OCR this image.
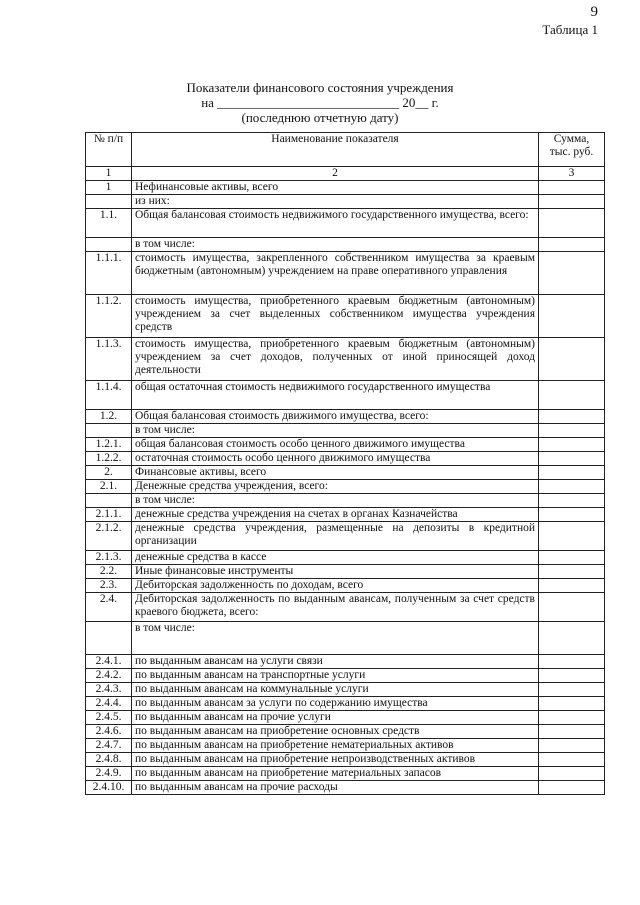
9
Таблица 1
Показатели финансового состояния учреждения
на ____________________________ 20__ г.
(последнюю отчетную дату)
№ п/п	Наименование показателя	Сумма, тыс. руб.
1	2	3
1	Нефинансовые активы, всего	
	из них:	
1.1.	Общая балансовая стоимость недвижимого государственного имущества, всего:	
	в том числе:	
1.1.1.	стоимость имущества, закрепленного собственником имущества за краевым бюджетным (автономным) учреждением на праве оперативного управления	
1.1.2.	стоимость имущества, приобретенного краевым бюджетным (автономным) учреждением за счет выделенных собственником имущества учреждения средств	
1.1.3.	стоимость имущества, приобретенного краевым бюджетным (автономным) учреждением за счет доходов, полученных от иной приносящей доход деятельности	
1.1.4.	общая остаточная стоимость недвижимого государственного имущества	
1.2.	Общая балансовая стоимость движимого имущества, всего:	
	в том числе:	
1.2.1.	общая балансовая стоимость особо ценного движимого имущества	
1.2.2.	остаточная стоимость особо ценного движимого имущества	
2.	Финансовые активы, всего	
2.1.	Денежные средства учреждения, всего:	
	в том числе:	
2.1.1.	денежные средства учреждения на счетах в органах Казначейства	
2.1.2.	денежные средства учреждения, размещенные на депозиты в кредитной организации	
2.1.3.	денежные средства в кассе	
2.2.	Иные финансовые инструменты	
2.3.	Дебиторская задолженность по доходам, всего	
2.4.	Дебиторская задолженность по выданным авансам, полученным за счет средств краевого бюджета, всего:	
	в том числе:	
2.4.1.	по выданным авансам на услуги связи	
2.4.2.	по выданным авансам на транспортные услуги	
2.4.3.	по выданным авансам на коммунальные услуги	
2.4.4.	по выданным авансам за услуги по содержанию имущества	
2.4.5.	по выданным авансам на прочие услуги	
2.4.6.	по выданным авансам на приобретение основных средств	
2.4.7.	по выданным авансам на приобретение нематериальных активов	
2.4.8.	по выданным авансам на приобретение непроизводственных активов	
2.4.9.	по выданным авансам на приобретение материальных запасов	
2.4.10.	по выданным авансам на прочие расходы	
